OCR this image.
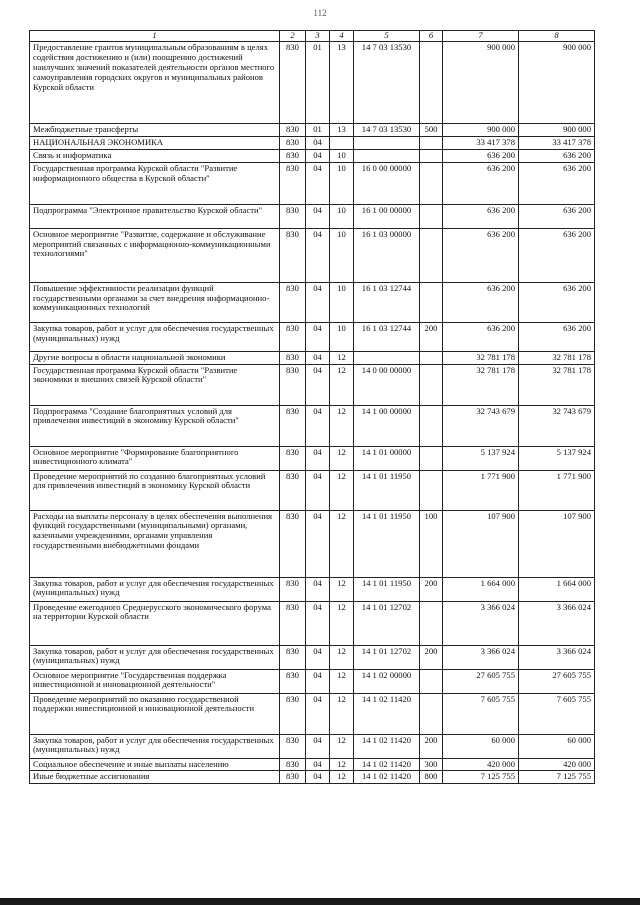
112
1	2	3	4	5	6	7	8
Предоставление грантов муниципальным образованиям в целях содействия достижению и (или) поощрению достижений наилучших значений показателей деятельности органов местного самоуправления городских округов и муниципальных районов Курской области	830	01	13	14 7 03 13530		900 000	900 000
Межбюджетные трансферты	830	01	13	14 7 03 13530	500	900 000	900 000
НАЦИОНАЛЬНАЯ ЭКОНОМИКА	830	04				33 417 378	33 417 378
Связь и информатика	830	04	10			636 200	636 200
Государственная программа Курской области "Развитие информационного общества в Курской области"	830	04	10	16 0 00 00000		636 200	636 200
Подпрограмма "Электронное правительство Курской области"	830	04	10	16 1 00 00000		636 200	636 200
Основное мероприятие "Развитие, содержание и обслуживание мероприятий связанных с информационно-коммуникационными технологиями"	830	04	10	16 1 03 00000		636 200	636 200
Повышение эффективности реализации функций государственными органами за счет внедрения информационно-коммуникационных технологий	830	04	10	16 1 03 12744		636 200	636 200
Закупка товаров, работ и услуг для обеспечения государственных (муниципальных) нужд	830	04	10	16 1 03 12744	200	636 200	636 200
Другие вопросы в области национальной экономики	830	04	12			32 781 178	32 781 178
Государственная программа Курской области "Развитие экономики и внешних связей Курской области"	830	04	12	14 0 00 00000		32 781 178	32 781 178
Подпрограмма "Создание благоприятных условий для привлечения инвестиций в экономику Курской области"	830	04	12	14 1 00 00000		32 743 679	32 743 679
Основное мероприятие "Формирование благоприятного инвестиционного климата"	830	04	12	14 1 01 00000		5 137 924	5 137 924
Проведение мероприятий по созданию благоприятных условий для привлечения инвестиций в экономику Курской области	830	04	12	14 1 01 11950		1 771 900	1 771 900
Расходы на выплаты персоналу в целях обеспечения выполнения функций государственными (муниципальными) органами, казенными учреждениями, органами управления государственными внебюджетными фондами	830	04	12	14 1 01 11950	100	107 900	107 900
Закупка товаров, работ и услуг для обеспечения государственных (муниципальных) нужд	830	04	12	14 1 01 11950	200	1 664 000	1 664 000
Проведение ежегодного Среднерусского экономического форума на территории Курской области	830	04	12	14 1 01 12702		3 366 024	3 366 024
Закупка товаров, работ и услуг для обеспечения государственных (муниципальных) нужд	830	04	12	14 1 01 12702	200	3 366 024	3 366 024
Основное мероприятие "Государственная поддержка инвестиционной и инновационной деятельности"	830	04	12	14 1 02 00000		27 605 755	27 605 755
Проведение мероприятий по оказанию государственной поддержки инвестиционной и инновационной деятельности	830	04	12	14 1 02 11420		7 605 755	7 605 755
Закупка товаров, работ и услуг для обеспечения государственных (муниципальных) нужд	830	04	12	14 1 02 11420	200	60 000	60 000
Социальное обеспечение и иные выплаты населению	830	04	12	14 1 02 11420	300	420 000	420 000
Иные бюджетные ассигнования	830	04	12	14 1 02 11420	800	7 125 755	7 125 755
